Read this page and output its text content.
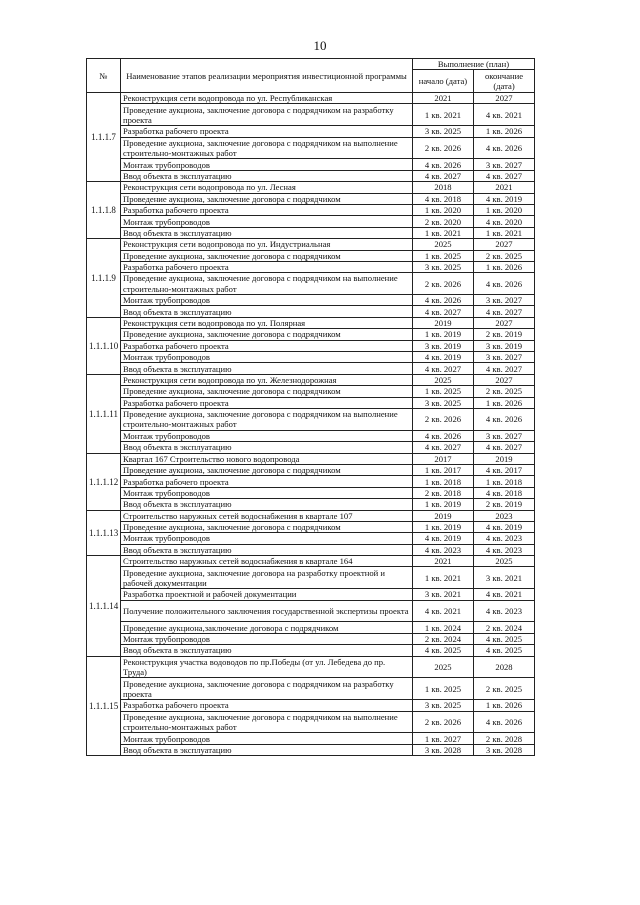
10
№	Наименование этапов реализации мероприятия инвестиционной программы	Выполнение (план)	
		начало (дата)	окончание (дата)
1.1.1.7	Реконструкция сети водопровода по ул. Республиканская	2021	2027
	Проведение аукциона, заключение договора с подрядчиком на разработку проекта	1 кв. 2021	4 кв. 2021
	Разработка рабочего проекта	3 кв. 2025	1 кв. 2026
	Проведение аукциона, заключение договора с подрядчиком на выполнение строительно-монтажных работ	2 кв. 2026	4 кв. 2026
	Монтаж трубопроводов	4 кв. 2026	3 кв. 2027
	Ввод объекта в эксплуатацию	4 кв. 2027	4 кв. 2027
1.1.1.8	Реконструкция сети водопровода по ул. Лесная	2018	2021
	Проведение аукциона, заключение договора с подрядчиком	4 кв. 2018	4 кв. 2019
	Разработка рабочего проекта	1 кв. 2020	1 кв. 2020
	Монтаж трубопроводов	2 кв. 2020	4 кв. 2020
	Ввод объекта в эксплуатацию	1 кв. 2021	1 кв. 2021
1.1.1.9	Реконструкция сети водопровода по ул. Индустриальная	2025	2027
	Проведение аукциона, заключение договора с подрядчиком	1 кв. 2025	2 кв. 2025
	Разработка рабочего проекта	3 кв. 2025	1 кв. 2026
	Проведение аукциона, заключение договора с подрядчиком на выполнение строительно-монтажных работ	2 кв. 2026	4 кв. 2026
	Монтаж трубопроводов	4 кв. 2026	3 кв. 2027
	Ввод объекта в эксплуатацию	4 кв. 2027	4 кв. 2027
1.1.1.10	Реконструкция сети водопровода по ул. Полярная	2019	2027
	Проведение аукциона, заключение договора с подрядчиком	1 кв. 2019	2 кв. 2019
	Разработка рабочего проекта	3 кв. 2019	3 кв. 2019
	Монтаж трубопроводов	4 кв. 2019	3 кв. 2027
	Ввод объекта в эксплуатацию	4 кв. 2027	4 кв. 2027
1.1.1.11	Реконструкция сети водопровода по ул. Железнодорожная	2025	2027
	Проведение аукциона, заключение договора с подрядчиком	1 кв. 2025	2 кв. 2025
	Разработка рабочего проекта	3 кв. 2025	1 кв. 2026
	Проведение аукциона, заключение договора с подрядчиком на выполнение строительно-монтажных работ	2 кв. 2026	4 кв. 2026
	Монтаж трубопроводов	4 кв. 2026	3 кв. 2027
	Ввод объекта в эксплуатацию	4 кв. 2027	4 кв. 2027
1.1.1.12	Квартал 167 Строительство нового водопровода	2017	2019
	Проведение аукциона, заключение договора с подрядчиком	1 кв. 2017	4 кв. 2017
	Разработка рабочего проекта	1 кв. 2018	1 кв. 2018
	Монтаж трубопроводов	2 кв. 2018	4 кв. 2018
	Ввод объекта в эксплуатацию	1 кв. 2019	2 кв. 2019
1.1.1.13	Строительство наружных сетей водоснабжения в квартале 107	2019	2023
	Проведение аукциона, заключение договора с подрядчиком	1 кв. 2019	4 кв. 2019
	Монтаж трубопроводов	4 кв. 2019	4 кв. 2023
	Ввод объекта в эксплуатацию	4 кв. 2023	4 кв. 2023
1.1.1.14	Строительство наружных сетей водоснабжения в квартале 164	2021	2025
	Проведение аукциона, заключение договора на разработку проектной и рабочей документации	1 кв. 2021	3 кв. 2021
	Разработка проектной и рабочей документации	3 кв. 2021	4 кв. 2021
	Получение положительного заключения государственной экспертизы проекта	4 кв. 2021	4 кв. 2023
	Проведение аукциона,заключение договора с подрядчиком	1 кв. 2024	2 кв. 2024
	Монтаж трубопроводов	2 кв. 2024	4 кв. 2025
	Ввод объекта в эксплуатацию	4 кв. 2025	4 кв. 2025
1.1.1.15	Реконструкция участка водоводов по пр.Победы (от ул. Лебедева до пр. Труда)	2025	2028
	Проведение аукциона, заключение договора с подрядчиком на разработку проекта	1 кв. 2025	2 кв. 2025
	Разработка рабочего проекта	3 кв. 2025	1 кв. 2026
	Проведение аукциона, заключение договора с подрядчиком на выполнение строительно-монтажных работ	2 кв. 2026	4 кв. 2026
	Монтаж трубопроводов	1 кв. 2027	2 кв. 2028
	Ввод объекта в эксплуатацию	3 кв. 2028	3 кв. 2028
